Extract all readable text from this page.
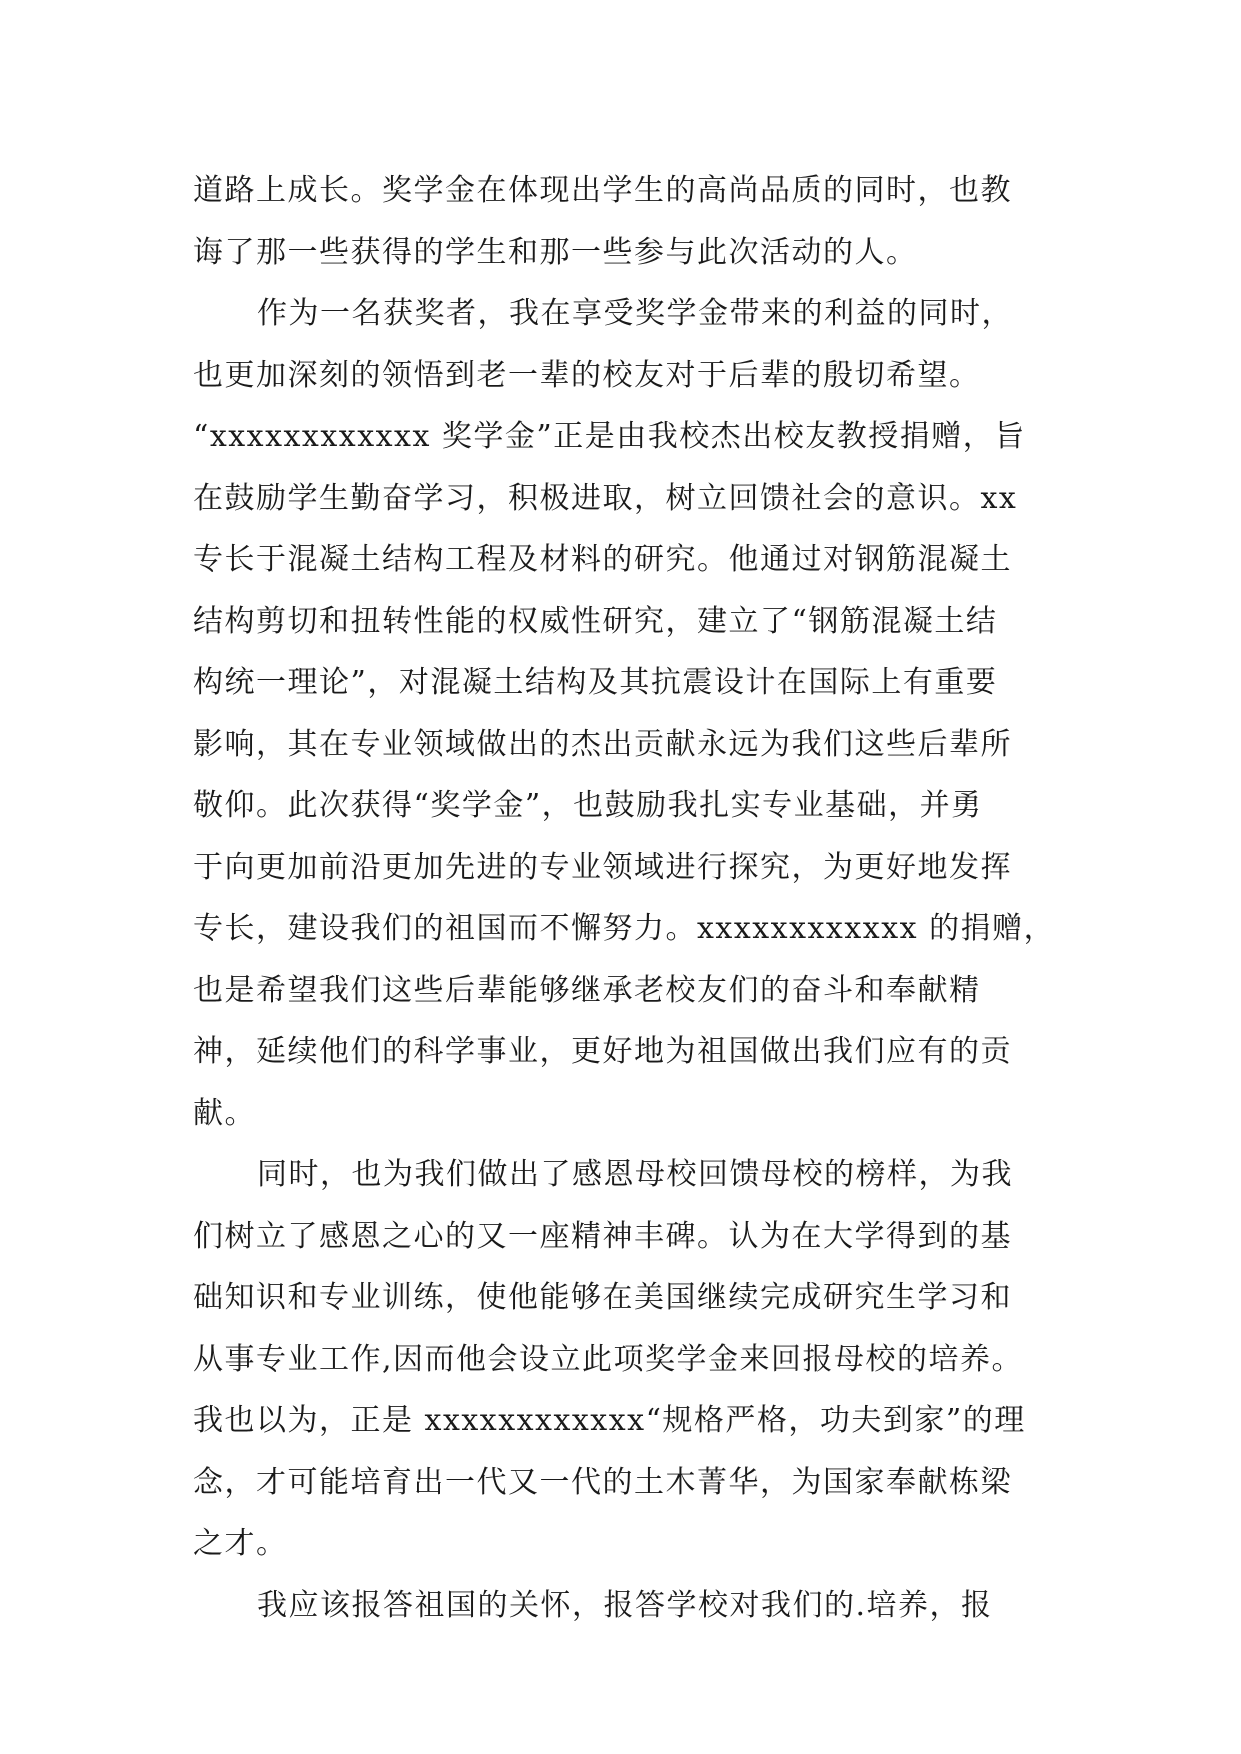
道路上成长。奖学金在体现出学生的高尚品质的同时，也教
诲了那一些获得的学生和那一些参与此次活动的人。
作为一名获奖者，我在享受奖学金带来的利益的同时，
也更加深刻的领悟到老一辈的校友对于后辈的殷切希望。
“xxxxxxxxxxxx 奖学金”正是由我校杰出校友教授捐赠，旨
在鼓励学生勤奋学习，积极进取，树立回馈社会的意识。xx
专长于混凝土结构工程及材料的研究。他通过对钢筋混凝土
结构剪切和扭转性能的权威性研究，建立了“钢筋混凝土结
构统一理论”，对混凝土结构及其抗震设计在国际上有重要
影响，其在专业领域做出的杰出贡献永远为我们这些后辈所
敬仰。此次获得“奖学金”，也鼓励我扎实专业基础，并勇
于向更加前沿更加先进的专业领域进行探究，为更好地发挥
专长，建设我们的祖国而不懈努力。xxxxxxxxxxxx 的捐赠，
也是希望我们这些后辈能够继承老校友们的奋斗和奉献精
神，延续他们的科学事业，更好地为祖国做出我们应有的贡
献。
同时，也为我们做出了感恩母校回馈母校的榜样，为我
们树立了感恩之心的又一座精神丰碑。认为在大学得到的基
础知识和专业训练，使他能够在美国继续完成研究生学习和
从事专业工作,因而他会设立此项奖学金来回报母校的培养。
我也以为，正是 xxxxxxxxxxxx“规格严格，功夫到家”的理
念，才可能培育出一代又一代的土木菁华，为国家奉献栋梁
之才。
我应该报答祖国的关怀，报答学校对我们的.培养，报
